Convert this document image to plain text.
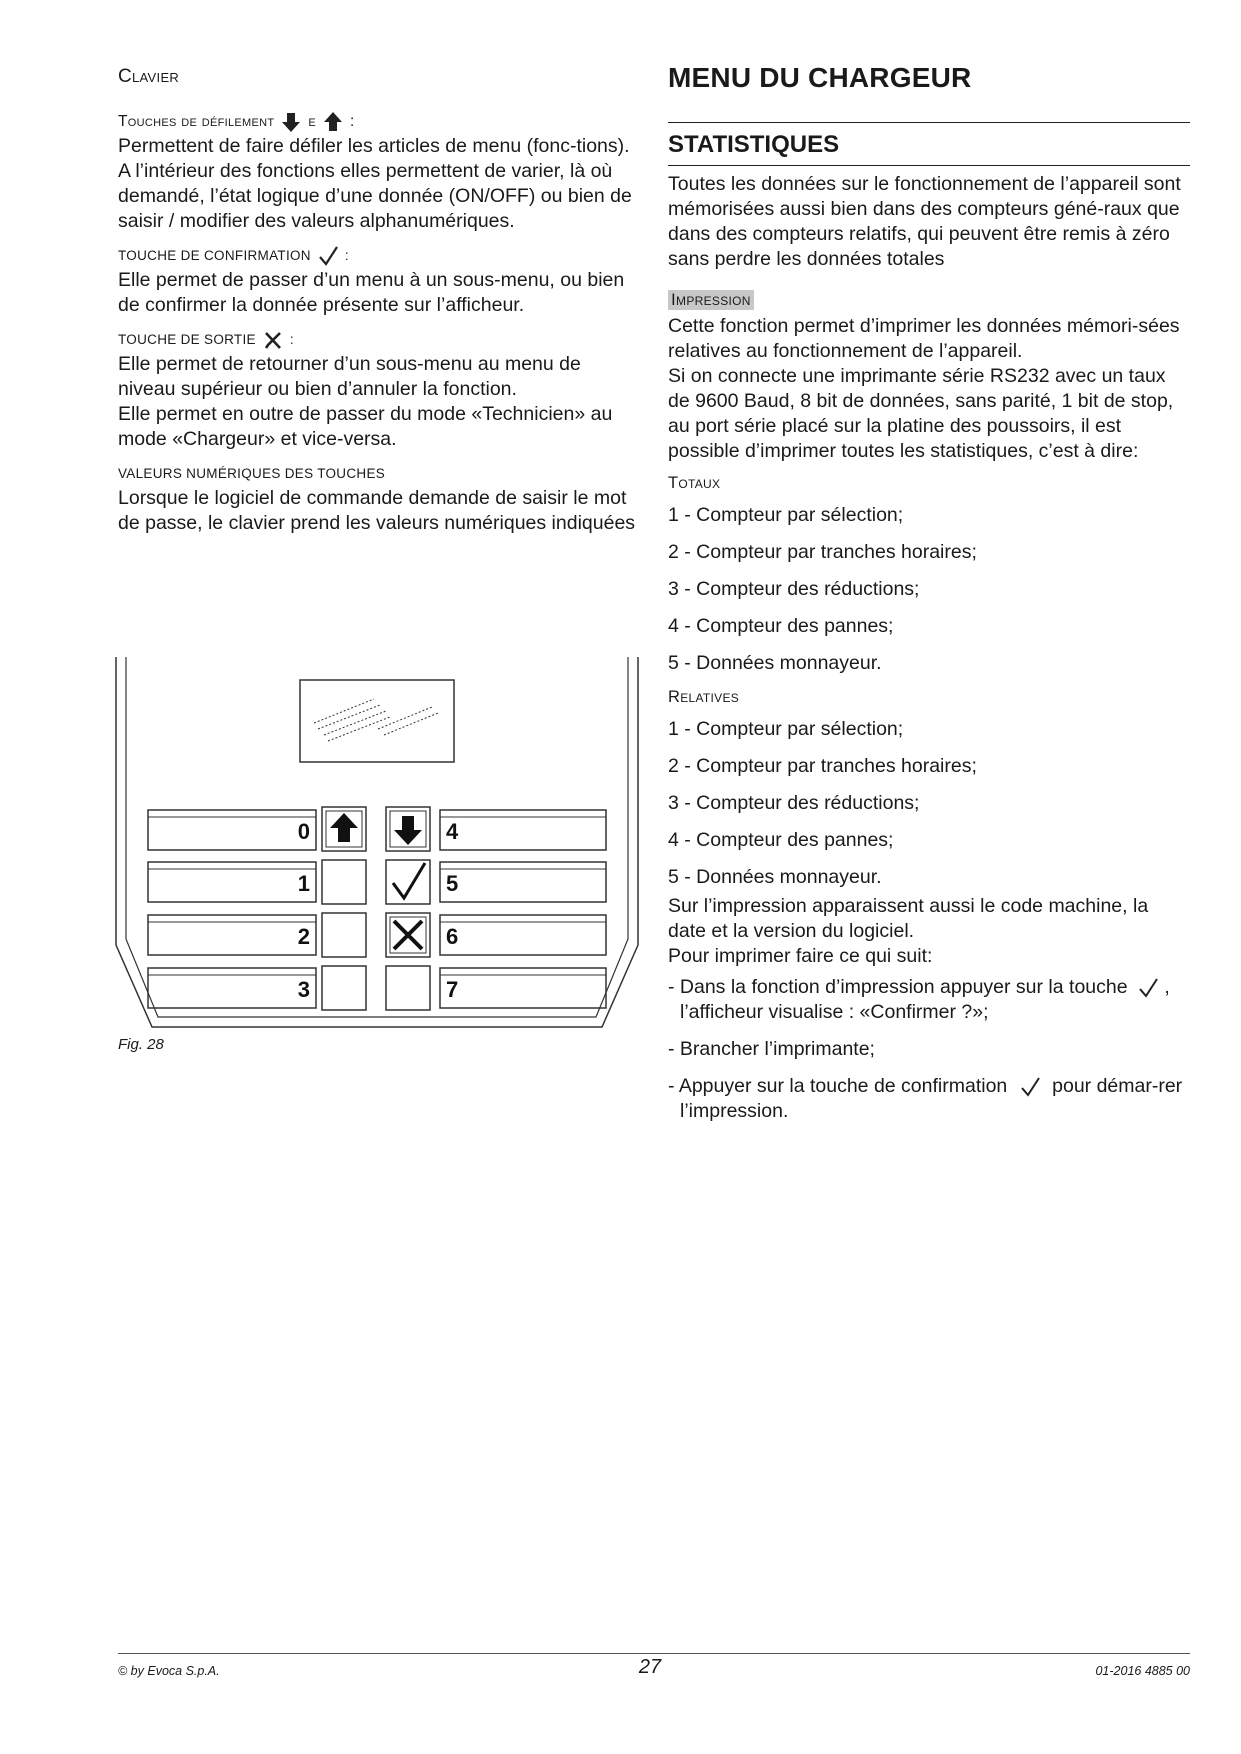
Clavier
Touches de défilement e :

Permettent de faire défiler les articles de menu (fonc-tions).

A l’intérieur des fonctions elles permettent de varier, là où demandé, l’état logique d’une donnée (ON/OFF) ou bien de saisir / modifier des valeurs alphanumériques.

TOUCHE DE CONFIRMATION	:

Elle permet de passer d’un menu à un sous-menu, ou bien de confirmer la donnée présente sur l’afficheur.

TOUCHE DE SORTIE	:

Elle permet de retourner d’un sous-menu au menu de niveau supérieur ou bien d’annuler la fonction.

Elle permet en outre de passer du mode «Technicien» au mode «Chargeur» et vice-versa.

VALEURS NUMÉRIQUES DES TOUCHES

Lorsque le logiciel de commande demande de saisir le mot de passe, le clavier prend les valeurs numériques indiquées

0
1
2
3
4
5
6
7
Fig. 28
MENU DU CHARGEUR
STATISTIQUES

Toutes les données sur le fonctionnement de l’appareil sont mémorisées aussi bien dans des compteurs géné-raux que dans des compteurs relatifs, qui peuvent être remis à zéro sans perdre les données totales

Impression

Cette fonction permet d’imprimer les données mémori-sées relatives au fonctionnement de l’appareil.

Si on connecte une imprimante série RS232 avec un taux de 9600 Baud, 8 bit de données, sans parité, 1 bit de stop, au port série placé sur la platine des poussoirs, il est possible d’imprimer toutes les statistiques, c’est à dire:

Totaux
1 - Compteur par sélection;
2 - Compteur par tranches horaires;
3 - Compteur des réductions;
4 - Compteur des pannes;
5 - Données monnayeur.
Relatives
1 - Compteur par sélection;
2 - Compteur par tranches horaires;
3 - Compteur des réductions;
4 - Compteur des pannes;
5 - Données monnayeur.

Sur l’impression apparaissent aussi le code machine, la date et la version du logiciel.

Pour imprimer faire ce qui suit:

- Dans la fonction d’impression appuyer sur la touche , l’afficheur visualise : «Confirmer ?»;
- Brancher l’imprimante;
- Appuyer sur la touche de confirmation pour démar-rer l’impression.
© by Evoca S.p.A.	27	01-2016 4885 00
